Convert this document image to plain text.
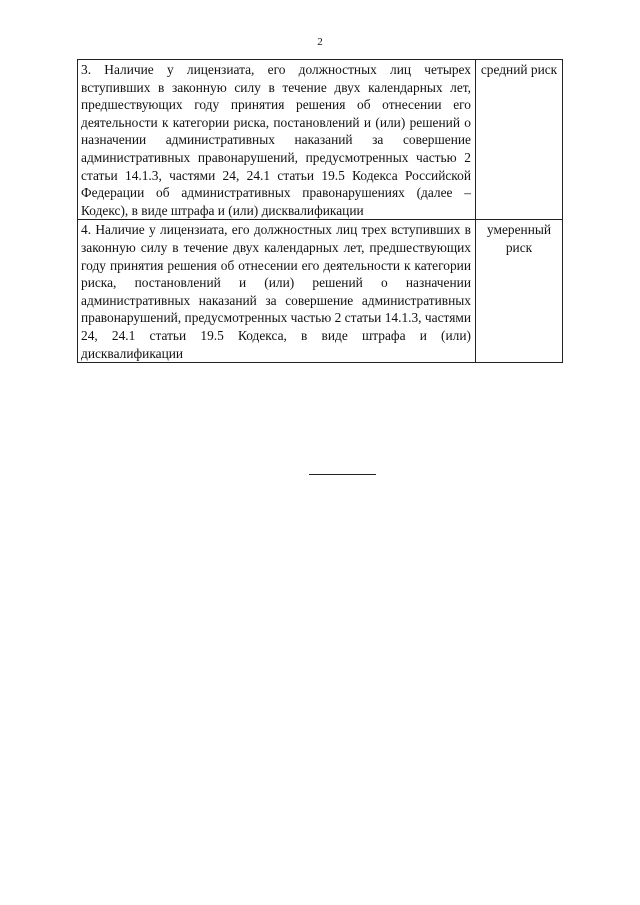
2
3. Наличие у лицензиата, его должностных лиц четырех вступивших в законную силу в течение двух календарных лет, предшествующих году принятия решения об отнесении его деятельности к категории риска, постановлений и (или) решений о назначении административных наказаний за совершение административных правонарушений, предусмотренных частью 2 статьи 14.1.3, частями 24, 24.1 статьи 19.5 Кодекса Российской Федерации об административных правонарушениях (далее – Кодекс), в виде штрафа и (или) дисквалификации	средний риск
4. Наличие у лицензиата, его должностных лиц трех вступивших в законную силу в течение двух календарных лет, предшествующих году принятия решения об отнесении его деятельности к категории риска, постановлений и (или) решений о назначении административных наказаний за совершение административных правонарушений, предусмотренных частью 2 статьи 14.1.3, частями 24, 24.1 статьи 19.5 Кодекса, в виде штрафа и (или) дисквалификации	умеренный риск
